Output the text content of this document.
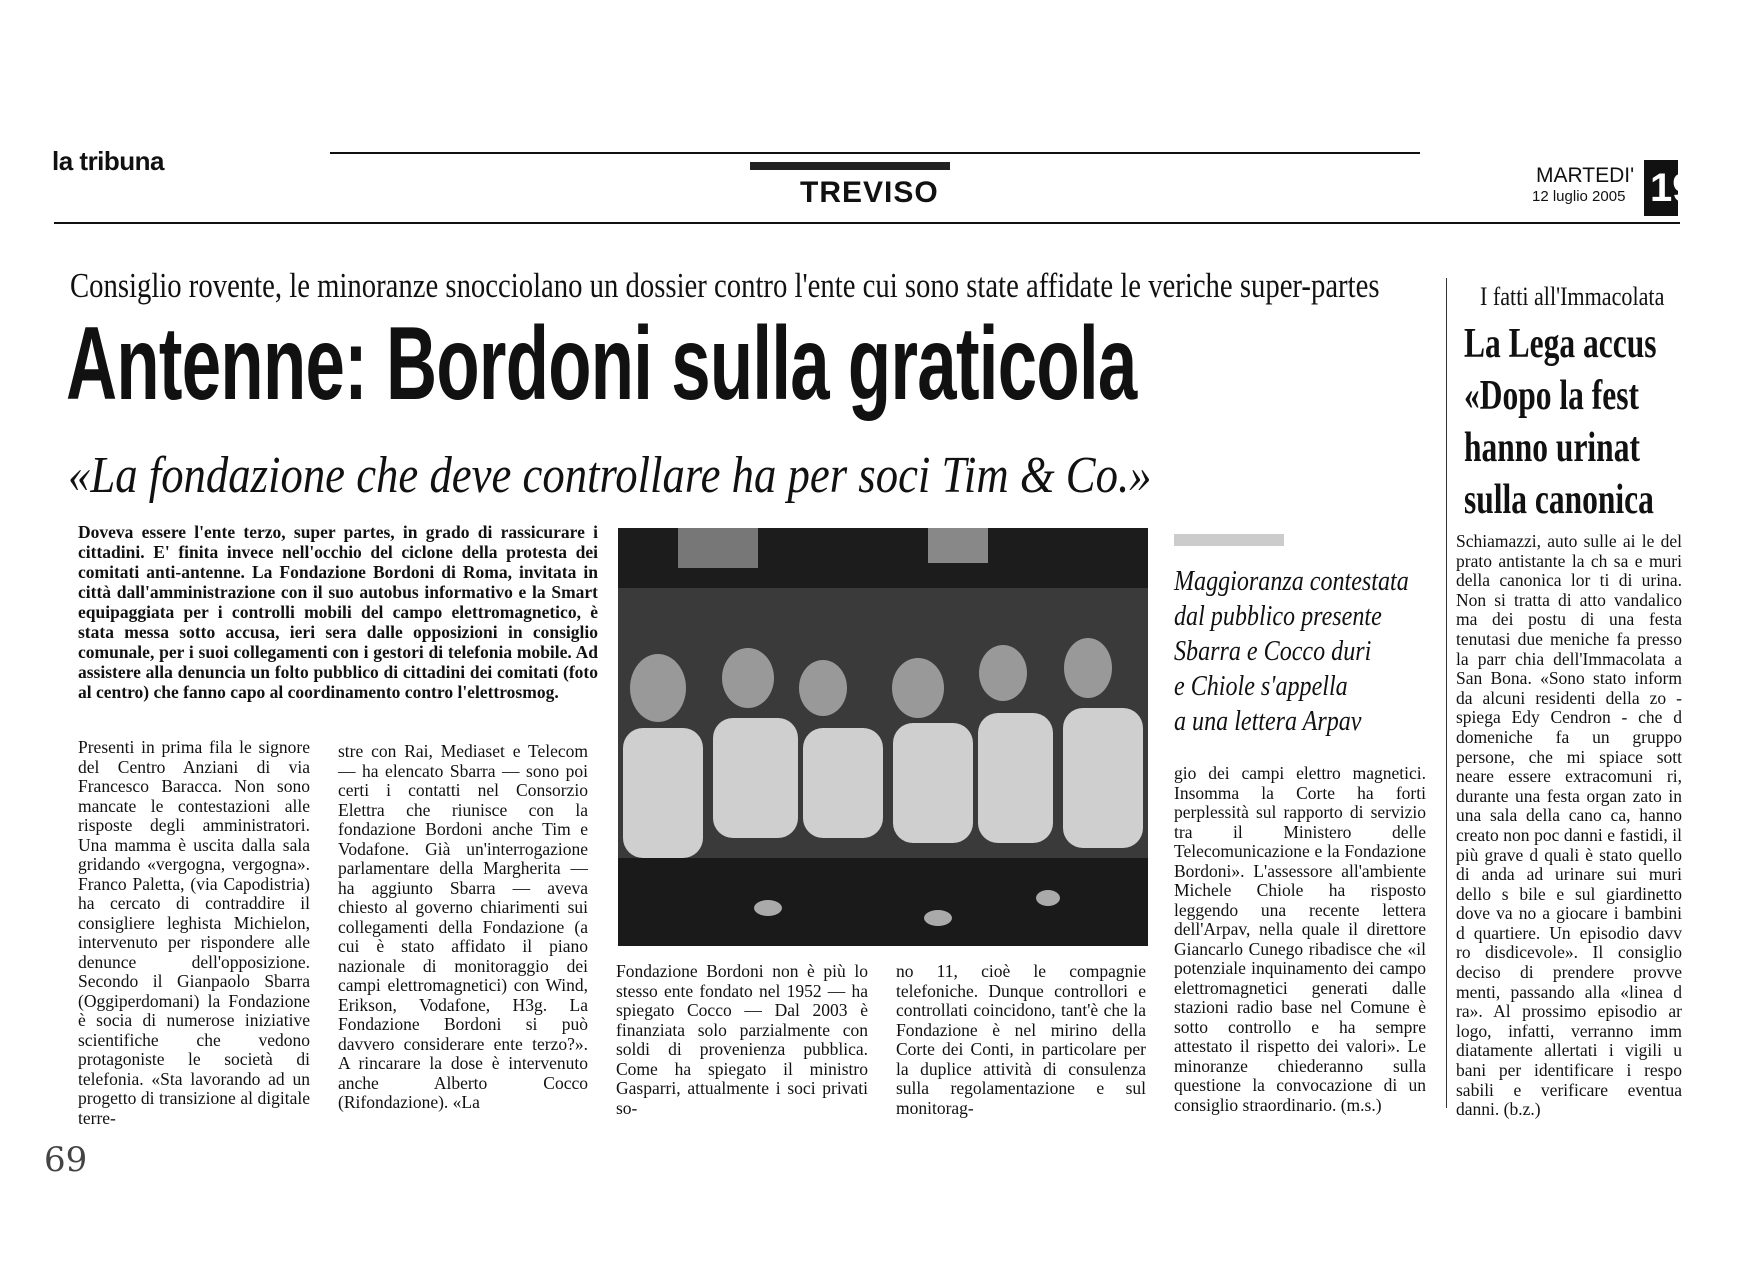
la tribuna
TREVISO
MARTEDI'
12 luglio 2005 19
Consiglio rovente, le minoranze snocciolano un dossier contro l'ente cui sono state affidate le veriche super-partes
Antenne: Bordoni sulla graticola
«La fondazione che deve controllare ha per soci Tim & Co.»
Doveva essere l'ente terzo, super partes, in grado di rassicurare i cittadini. E' finita invece nell'occhio del ciclone della protesta dei comitati anti-antenne. La Fondazione Bordoni di Roma, invitata in città dall'amministrazione con il suo autobus informativo e la Smart equipaggiata per i controlli mobili del campo elettromagnetico, è stata messa sotto accusa, ieri sera dalle opposizioni in consiglio comunale, per i suoi collegamenti con i gestori di telefonia mobile. Ad assistere alla denuncia un folto pubblico di cittadini dei comitati (foto al centro) che fanno capo al coordinamento contro l'elettrosmog.
Presenti in prima fila le signore del Centro Anziani di via Francesco Baracca. Non sono mancate le contestazioni alle risposte degli amministratori. Una mamma è uscita dalla sala gridando «vergogna, vergogna». Franco Paletta, (via Capodistria) ha cercato di contraddire il consigliere leghista Michielon, intervenuto per rispondere alle denunce dell'opposizione. Secondo il Gianpaolo Sbarra (Oggiperdomani) la Fondazione è socia di numerose iniziative scientifiche che vedono protagoniste le società di telefonia. «Sta lavorando ad un progetto di transizione al digitale terre-
stre con Rai, Mediaset e Telecom — ha elencato Sbarra — sono poi certi i contatti nel Consorzio Elettra che riunisce con la fondazione Bordoni anche Tim e Vodafone. Già un'interrogazione parlamentare della Margherita — ha aggiunto Sbarra — aveva chiesto al governo chiarimenti sui collegamenti della Fondazione (a cui è stato affidato il piano nazionale di monitoraggio dei campi elettromagnetici) con Wind, Erikson, Vodafone, H3g. La Fondazione Bordoni si può davvero considerare ente terzo?». A rincarare la dose è intervenuto anche Alberto Cocco (Rifondazione). «La
Fondazione Bordoni non è più lo stesso ente fondato nel 1952 — ha spiegato Cocco — Dal 2003 è finanziata solo parzialmente con soldi di provenienza pubblica. Come ha spiegato il ministro Gasparri, attualmente i soci privati so-
no 11, cioè le compagnie telefoniche. Dunque controllori e controllati coincidono, tant'è che la Fondazione è nel mirino della Corte dei Conti, in particolare per la duplice attività di consulenza sulla regolamentazione e sul monitorag-
Maggioranza contestata
dal pubblico presente
Sbarra e Cocco duri
e Chiole s'appella
a una lettera Arpav
gio dei campi elettro magnetici. Insomma la Corte ha forti perplessità sul rapporto di servizio tra il Ministero delle Telecomunicazione e la Fondazione Bordoni». L'assessore all'ambiente Michele Chiole ha risposto leggendo una recente lettera dell'Arpav, nella quale il direttore Giancarlo Cunego ribadisce che «il potenziale inquinamento dei campo elettromagnetici generati dalle stazioni radio base nel Comune è sotto controllo e ha sempre attestato il rispetto dei valori». Le minoranze chiederanno sulla questione la convocazione di un consiglio straordinario. (m.s.)
I fatti all'Immacolata
La Lega accus
«Dopo la fest
hanno urinat
sulla canonica
Schiamazzi, auto sulle ai le del prato antistante la ch sa e muri della canonica lor ti di urina. Non si tratta di atto vandalico ma dei postu di una festa tenutasi due meniche fa presso la parr chia dell'Immacolata a San Bona. «Sono stato inform da alcuni residenti della zo - spiega Edy Cendron - che d domeniche fa un gruppo persone, che mi spiace sott neare essere extracomuni ri, durante una festa organ zato in una sala della cano ca, hanno creato non poc danni e fastidi, il più grave d quali è stato quello di anda ad urinare sui muri dello s bile e sul giardinetto dove va no a giocare i bambini d quartiere. Un episodio davv ro disdicevole». Il consiglio deciso di prendere provve menti, passando alla «linea d ra». Al prossimo episodio ar logo, infatti, verranno imm diatamente allertati i vigili u bani per identificare i respo sabili e verificare eventua danni. (b.z.)
69
